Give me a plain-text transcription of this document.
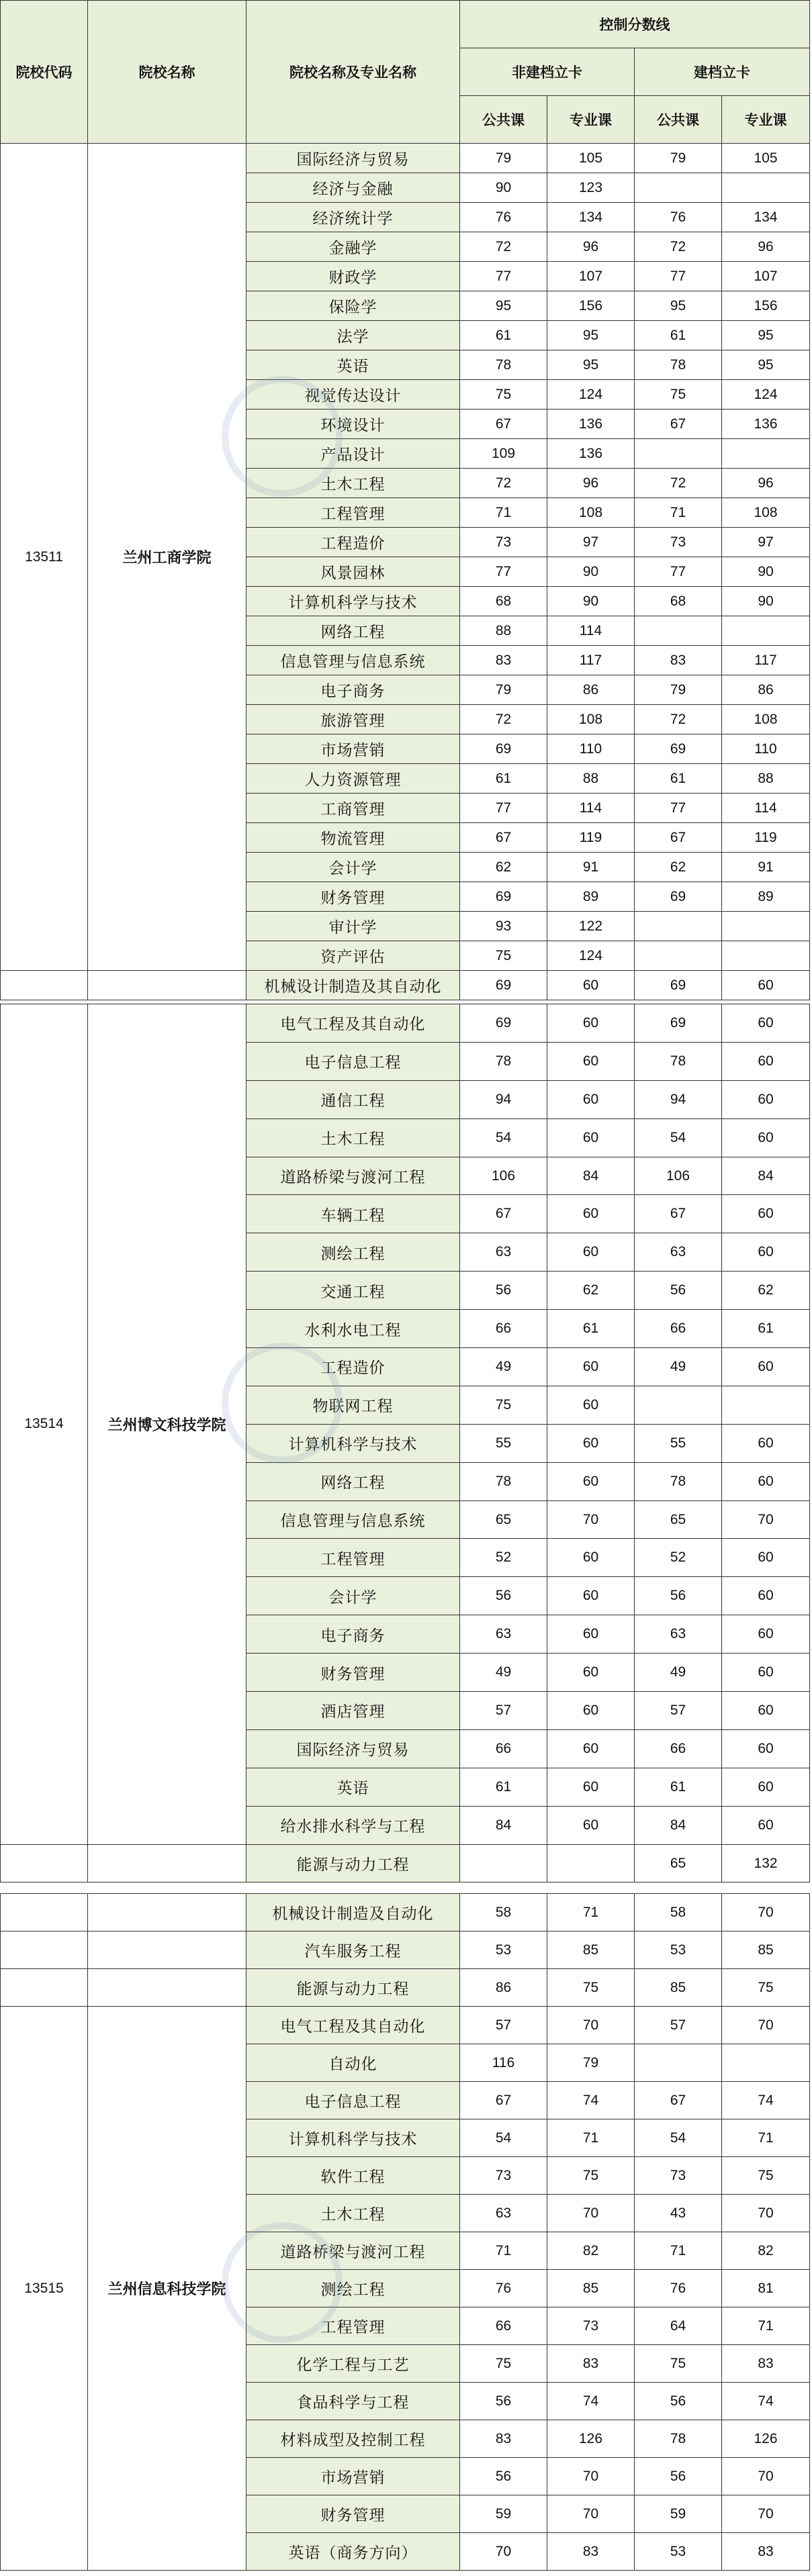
院校代码	院校名称	院校名称及专业名称	控制分数线			
			非建档立卡		建档立卡	
			公共课	专业课	公共课	专业课
13511	兰州工商学院	国际经济与贸易	79	105	79	105
		经济与金融	90	123		
		经济统计学	76	134	76	134
		金融学	72	96	72	96
		财政学	77	107	77	107
		保险学	95	156	95	156
		法学	61	95	61	95
		英语	78	95	78	95
		视觉传达设计	75	124	75	124
		环境设计	67	136	67	136
		产品设计	109	136		
		土木工程	72	96	72	96
		工程管理	71	108	71	108
		工程造价	73	97	73	97
		风景园林	77	90	77	90
		计算机科学与技术	68	90	68	90
		网络工程	88	114		
		信息管理与信息系统	83	117	83	117
		电子商务	79	86	79	86
		旅游管理	72	108	72	108
		市场营销	69	110	69	110
		人力资源管理	61	88	61	88
		工商管理	77	114	77	114
		物流管理	67	119	67	119
		会计学	62	91	62	91
		财务管理	69	89	69	89
		审计学	93	122		
		资产评估	75	124		
		机械设计制造及其自动化	69	60	69	60
13514	兰州博文科技学院	电气工程及其自动化	69	60	69	60
		电子信息工程	78	60	78	60
		通信工程	94	60	94	60
		土木工程	54	60	54	60
		道路桥梁与渡河工程	106	84	106	84
		车辆工程	67	60	67	60
		测绘工程	63	60	63	60
		交通工程	56	62	56	62
		水利水电工程	66	61	66	61
		工程造价	49	60	49	60
		物联网工程	75	60		
		计算机科学与技术	55	60	55	60
		网络工程	78	60	78	60
		信息管理与信息系统	65	70	65	70
		工程管理	52	60	52	60
		会计学	56	60	56	60
		电子商务	63	60	63	60
		财务管理	49	60	49	60
		酒店管理	57	60	57	60
		国际经济与贸易	66	60	66	60
		英语	61	60	61	60
		给水排水科学与工程	84	60	84	60
		能源与动力工程			65	132
		机械设计制造及自动化	58	71	58	70
		汽车服务工程	53	85	53	85
		能源与动力工程	86	75	85	75
13515	兰州信息科技学院	电气工程及其自动化	57	70	57	70
		自动化	116	79		
		电子信息工程	67	74	67	74
		计算机科学与技术	54	71	54	71
		软件工程	73	75	73	75
		土木工程	63	70	43	70
		道路桥梁与渡河工程	71	82	71	82
		测绘工程	76	85	76	81
		工程管理	66	73	64	71
		化学工程与工艺	75	83	75	83
		食品科学与工程	56	74	56	74
		材料成型及控制工程	83	126	78	126
		市场营销	56	70	56	70
		财务管理	59	70	59	70
		英语（商务方向）	70	83	53	83
